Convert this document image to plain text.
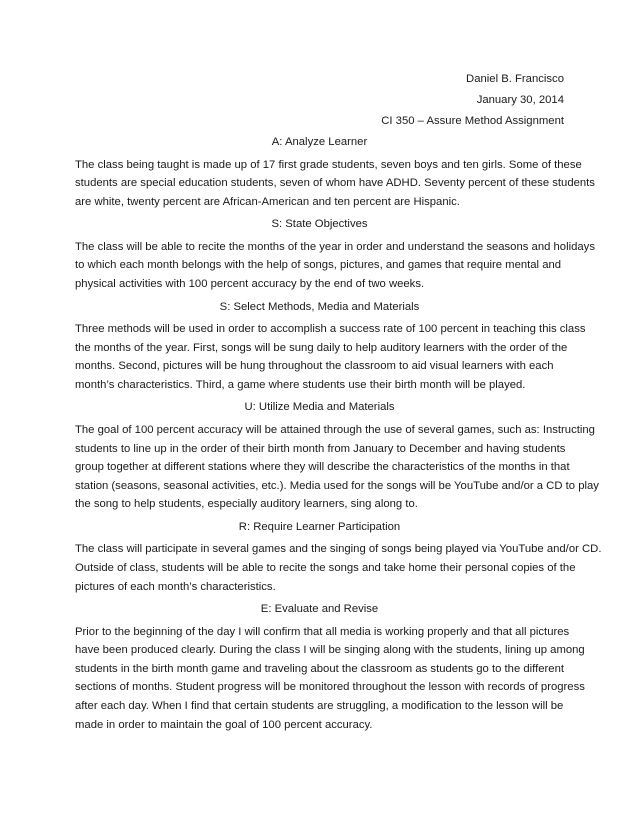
Daniel B. Francisco
January 30, 2014
CI 350 – Assure Method Assignment
A: Analyze Learner
The class being taught is made up of 17 first grade students, seven boys and ten girls. Some of these
students are special education students, seven of whom have ADHD. Seventy percent of these students
are white, twenty percent are African-American and ten percent are Hispanic.
S: State Objectives
The class will be able to recite the months of the year in order and understand the seasons and holidays
to which each month belongs with the help of songs, pictures, and games that require mental and
physical activities with 100 percent accuracy by the end of two weeks.
S: Select Methods, Media and Materials
Three methods will be used in order to accomplish a success rate of 100 percent in teaching this class
the months of the year. First, songs will be sung daily to help auditory learners with the order of the
months. Second, pictures will be hung throughout the classroom to aid visual learners with each
month’s characteristics. Third, a game where students use their birth month will be played.
U: Utilize Media and Materials
The goal of 100 percent accuracy will be attained through the use of several games, such as: Instructing
students to line up in the order of their birth month from January to December and having students
group together at different stations where they will describe the characteristics of the months in that
station (seasons, seasonal activities, etc.). Media used for the songs will be YouTube and/or a CD to play
the song to help students, especially auditory learners, sing along to.
R: Require Learner Participation
The class will participate in several games and the singing of songs being played via YouTube and/or CD.
Outside of class, students will be able to recite the songs and take home their personal copies of the
pictures of each month’s characteristics.
E: Evaluate and Revise
Prior to the beginning of the day I will confirm that all media is working properly and that all pictures
have been produced clearly. During the class I will be singing along with the students, lining up among
students in the birth month game and traveling about the classroom as students go to the different
sections of months. Student progress will be monitored throughout the lesson with records of progress
after each day. When I find that certain students are struggling, a modification to the lesson will be
made in order to maintain the goal of 100 percent accuracy.
